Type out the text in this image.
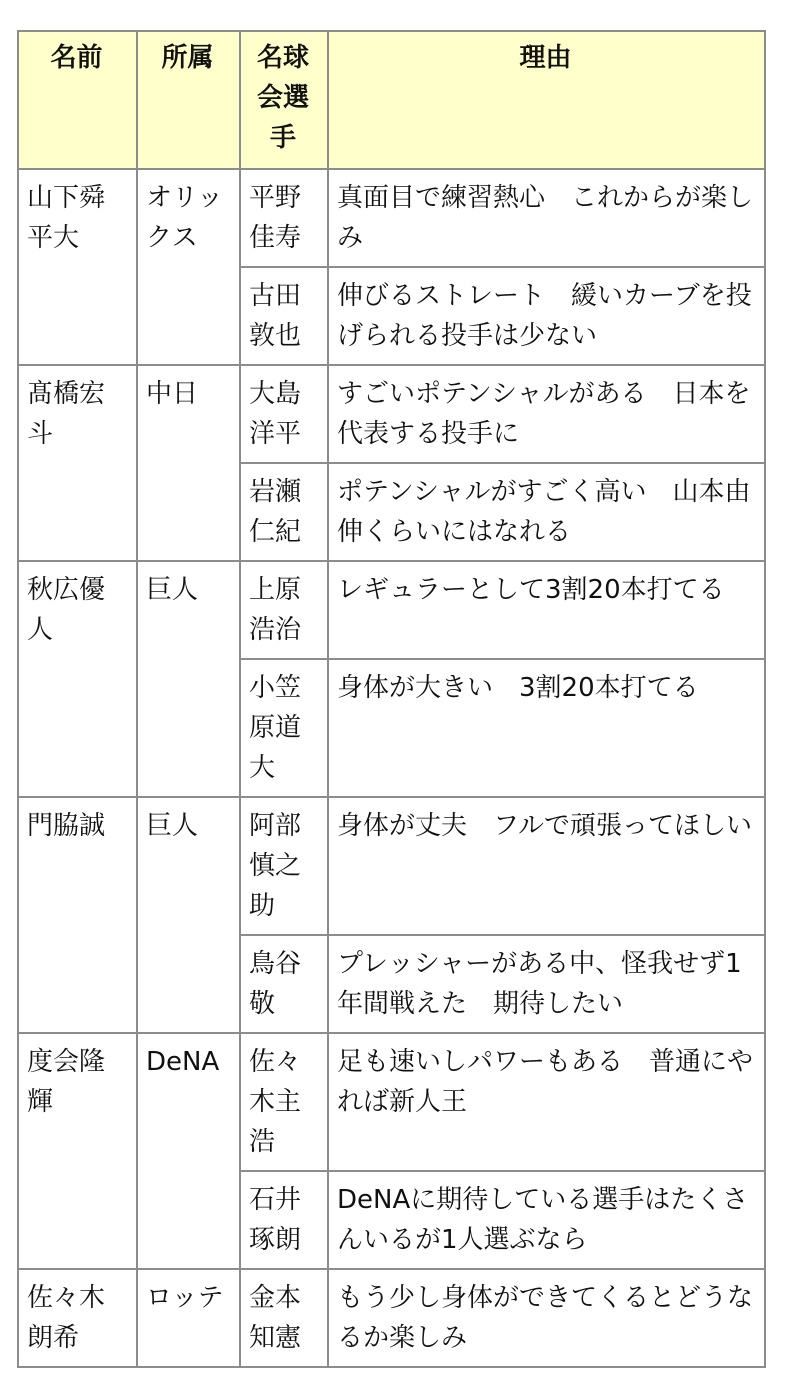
名前	所属	名球会選手	理由
山下舜平大	オリックス	平野佳寿	真面目で練習熱心　これからが楽しみ
		古田敦也	伸びるストレート　緩いカーブを投げられる投手は少ない
髙橋宏斗	中日	大島洋平	すごいポテンシャルがある　日本を代表する投手に
		岩瀬仁紀	ポテンシャルがすごく高い　山本由伸くらいにはなれる
秋広優人	巨人	上原浩治	レギュラーとして3割20本打てる
		小笠原道大	身体が大きい　3割20本打てる
門脇誠	巨人	阿部慎之助	身体が丈夫　フルで頑張ってほしい
		鳥谷敬	プレッシャーがある中、怪我せず1年間戦えた　期待したい
度会隆輝	DeNA	佐々木主浩	足も速いしパワーもある　普通にやれば新人王
		石井琢朗	DeNAに期待している選手はたくさんいるが1人選ぶなら
佐々木朗希	ロッテ	金本知憲	もう少し身体ができてくるとどうなるか楽しみ
